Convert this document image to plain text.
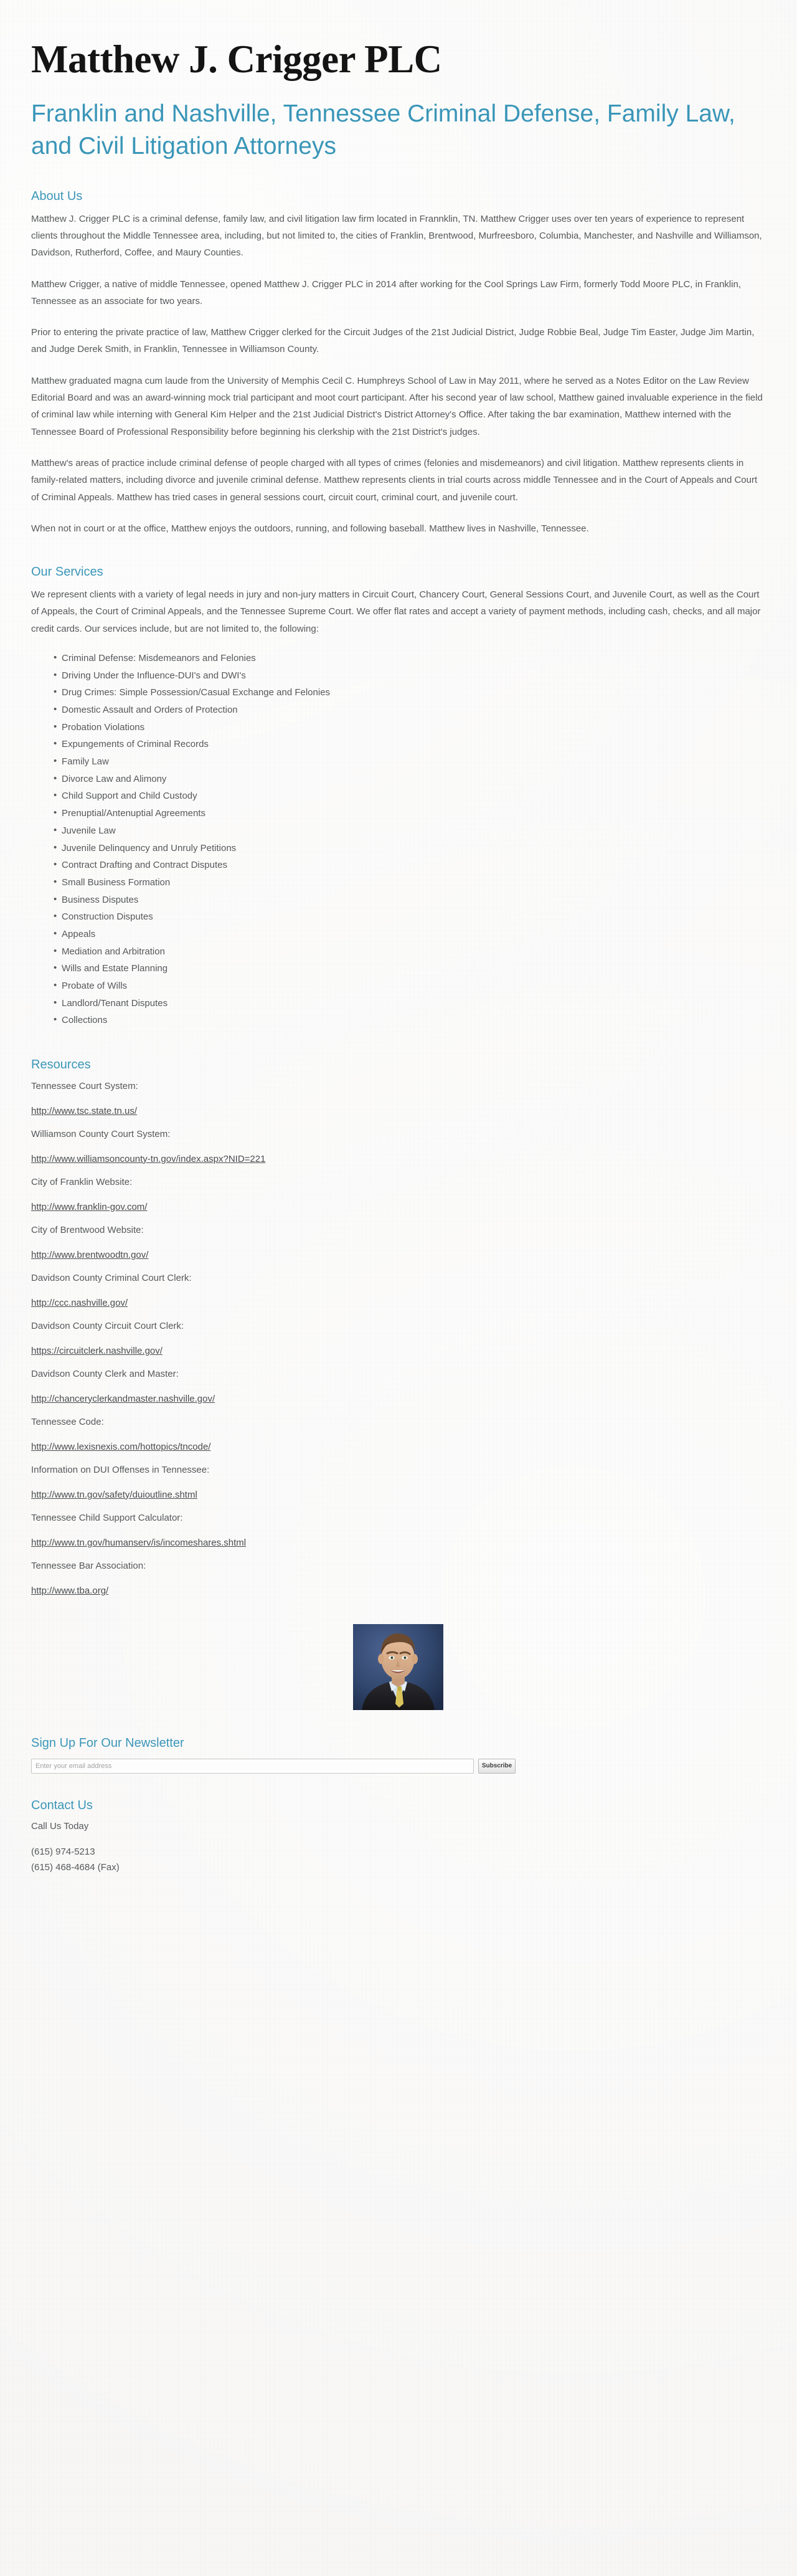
Matthew J. Crigger PLC
Franklin and Nashville, Tennessee Criminal Defense, Family Law, and Civil Litigation Attorneys
About Us

Matthew J. Crigger PLC is a criminal defense, family law, and civil litigation law firm located in Frannklin, TN. Matthew Crigger uses over ten years of experience to represent clients throughout the Middle Tennessee area, including, but not limited to, the cities of Franklin, Brentwood, Murfreesboro, Columbia, Manchester, and Nashville and Williamson, Davidson, Rutherford, Coffee, and Maury Counties.

Matthew Crigger, a native of middle Tennessee, opened Matthew J. Crigger PLC in 2014 after working for the Cool Springs Law Firm, formerly Todd Moore PLC, in Franklin, Tennessee as an associate for two years.

Prior to entering the private practice of law, Matthew Crigger clerked for the Circuit Judges of the 21st Judicial District, Judge Robbie Beal, Judge Tim Easter, Judge Jim Martin, and Judge Derek Smith, in Franklin, Tennessee in Williamson County.

Matthew graduated magna cum laude from the University of Memphis Cecil C. Humphreys School of Law in May 2011, where he served as a Notes Editor on the Law Review Editorial Board and was an award-winning mock trial participant and moot court participant. After his second year of law school, Matthew gained invaluable experience in the field of criminal law while interning with General Kim Helper and the 21st Judicial District's District Attorney's Office. After taking the bar examination, Matthew interned with the Tennessee Board of Professional Responsibility before beginning his clerkship with the 21st District's judges.

Matthew's areas of practice include criminal defense of people charged with all types of crimes (felonies and misdemeanors) and civil litigation. Matthew represents clients in family-related matters, including divorce and juvenile criminal defense. Matthew represents clients in trial courts across middle Tennessee and in the Court of Appeals and Court of Criminal Appeals. Matthew has tried cases in general sessions court, circuit court, criminal court, and juvenile court.

When not in court or at the office, Matthew enjoys the outdoors, running, and following baseball. Matthew lives in Nashville, Tennessee.

Our Services

We represent clients with a variety of legal needs in jury and non-jury matters in Circuit Court, Chancery Court, General Sessions Court, and Juvenile Court, as well as the Court of Appeals, the Court of Criminal Appeals, and the Tennessee Supreme Court. We offer flat rates and accept a variety of payment methods, including cash, checks, and all major credit cards. Our services include, but are not limited to, the following:

• Criminal Defense: Misdemeanors and Felonies
• Driving Under the Influence-DUI's and DWI's
• Drug Crimes: Simple Possession/Casual Exchange and Felonies
• Domestic Assault and Orders of Protection
• Probation Violations
• Expungements of Criminal Records
• Family Law
• Divorce Law and Alimony
• Child Support and Child Custody
• Prenuptial/Antenuptial Agreements
• Juvenile Law
• Juvenile Delinquency and Unruly Petitions
• Contract Drafting and Contract Disputes
• Small Business Formation
• Business Disputes
• Construction Disputes
• Appeals
• Mediation and Arbitration
• Wills and Estate Planning
• Probate of Wills
• Landlord/Tenant Disputes
• Collections
Resources

Tennessee Court System:

http://www.tsc.state.tn.us/

Williamson County Court System:

http://www.williamsoncounty-tn.gov/index.aspx?NID=221

City of Franklin Website:

http://www.franklin-gov.com/

City of Brentwood Website:

http://www.brentwoodtn.gov/

Davidson County Criminal Court Clerk:

http://ccc.nashville.gov/

Davidson County Circuit Court Clerk:

https://circuitclerk.nashville.gov/

Davidson County Clerk and Master:

http://chanceryclerkandmaster.nashville.gov/

Tennessee Code:

http://www.lexisnexis.com/hottopics/tncode/

Information on DUI Offenses in Tennessee:

http://www.tn.gov/safety/duioutline.shtml

Tennessee Child Support Calculator:

http://www.tn.gov/humanserv/is/incomeshares.shtml

Tennessee Bar Association:

http://www.tba.org/
Sign Up For Our Newsletter
Enter your email address
Subscribe
Contact Us

Call Us Today

(615) 974-5213

(615) 468-4684 (Fax)
